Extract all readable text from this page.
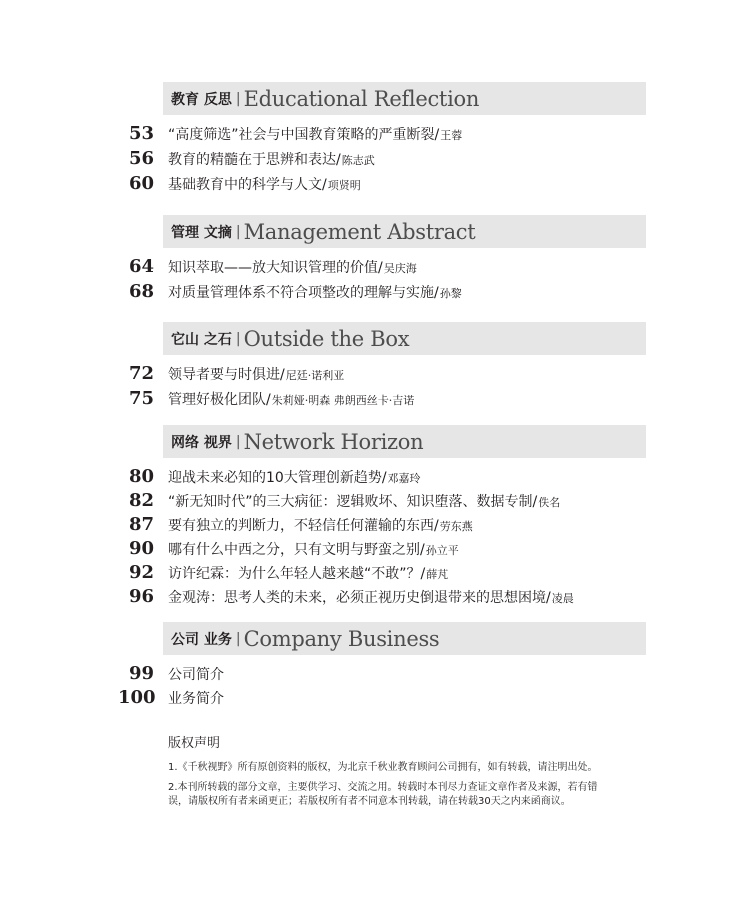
教育 反思 | Educational Reflection
53 “高度筛选”社会与中国教育策略的严重断裂/王蓉
56 教育的精髓在于思辨和表达/陈志武
60 基础教育中的科学与人文/项贤明
管理 文摘 | Management Abstract
64 知识萃取——放大知识管理的价值/吴庆海
68 对质量管理体系不符合项整改的理解与实施/孙黎
它山 之石 | Outside the Box
72 领导者要与时俱进/尼廷·诺利亚
75 管理好极化团队/朱莉娅·明森 弗朗西丝卡·吉诺
网络 视界 | Network Horizon
80 迎战未来必知的10大管理创新趋势/邓嘉玲
82 “新无知时代”的三大病征：逻辑败坏、知识堕落、数据专制/佚名
87 要有独立的判断力，不轻信任何灌输的东西/劳东燕
90 哪有什么中西之分，只有文明与野蛮之别/孙立平
92 访许纪霖：为什么年轻人越来越“不敢”？/薛芃
96 金观涛：思考人类的未来，必须正视历史倒退带来的思想困境/凌晨
公司 业务 | Company Business
99 公司简介
100 业务简介
版权声明
1.《千秋视野》所有原创资料的版权，为北京千秋业教育顾问公司拥有，如有转载，请注明出处。
2.本刊所转载的部分文章，主要供学习、交流之用。转载时本刊尽力查证文章作者及来源，若有错误，请版权所有者来函更正；若版权所有者不同意本刊转载，请在转载30天之内来函商议。
